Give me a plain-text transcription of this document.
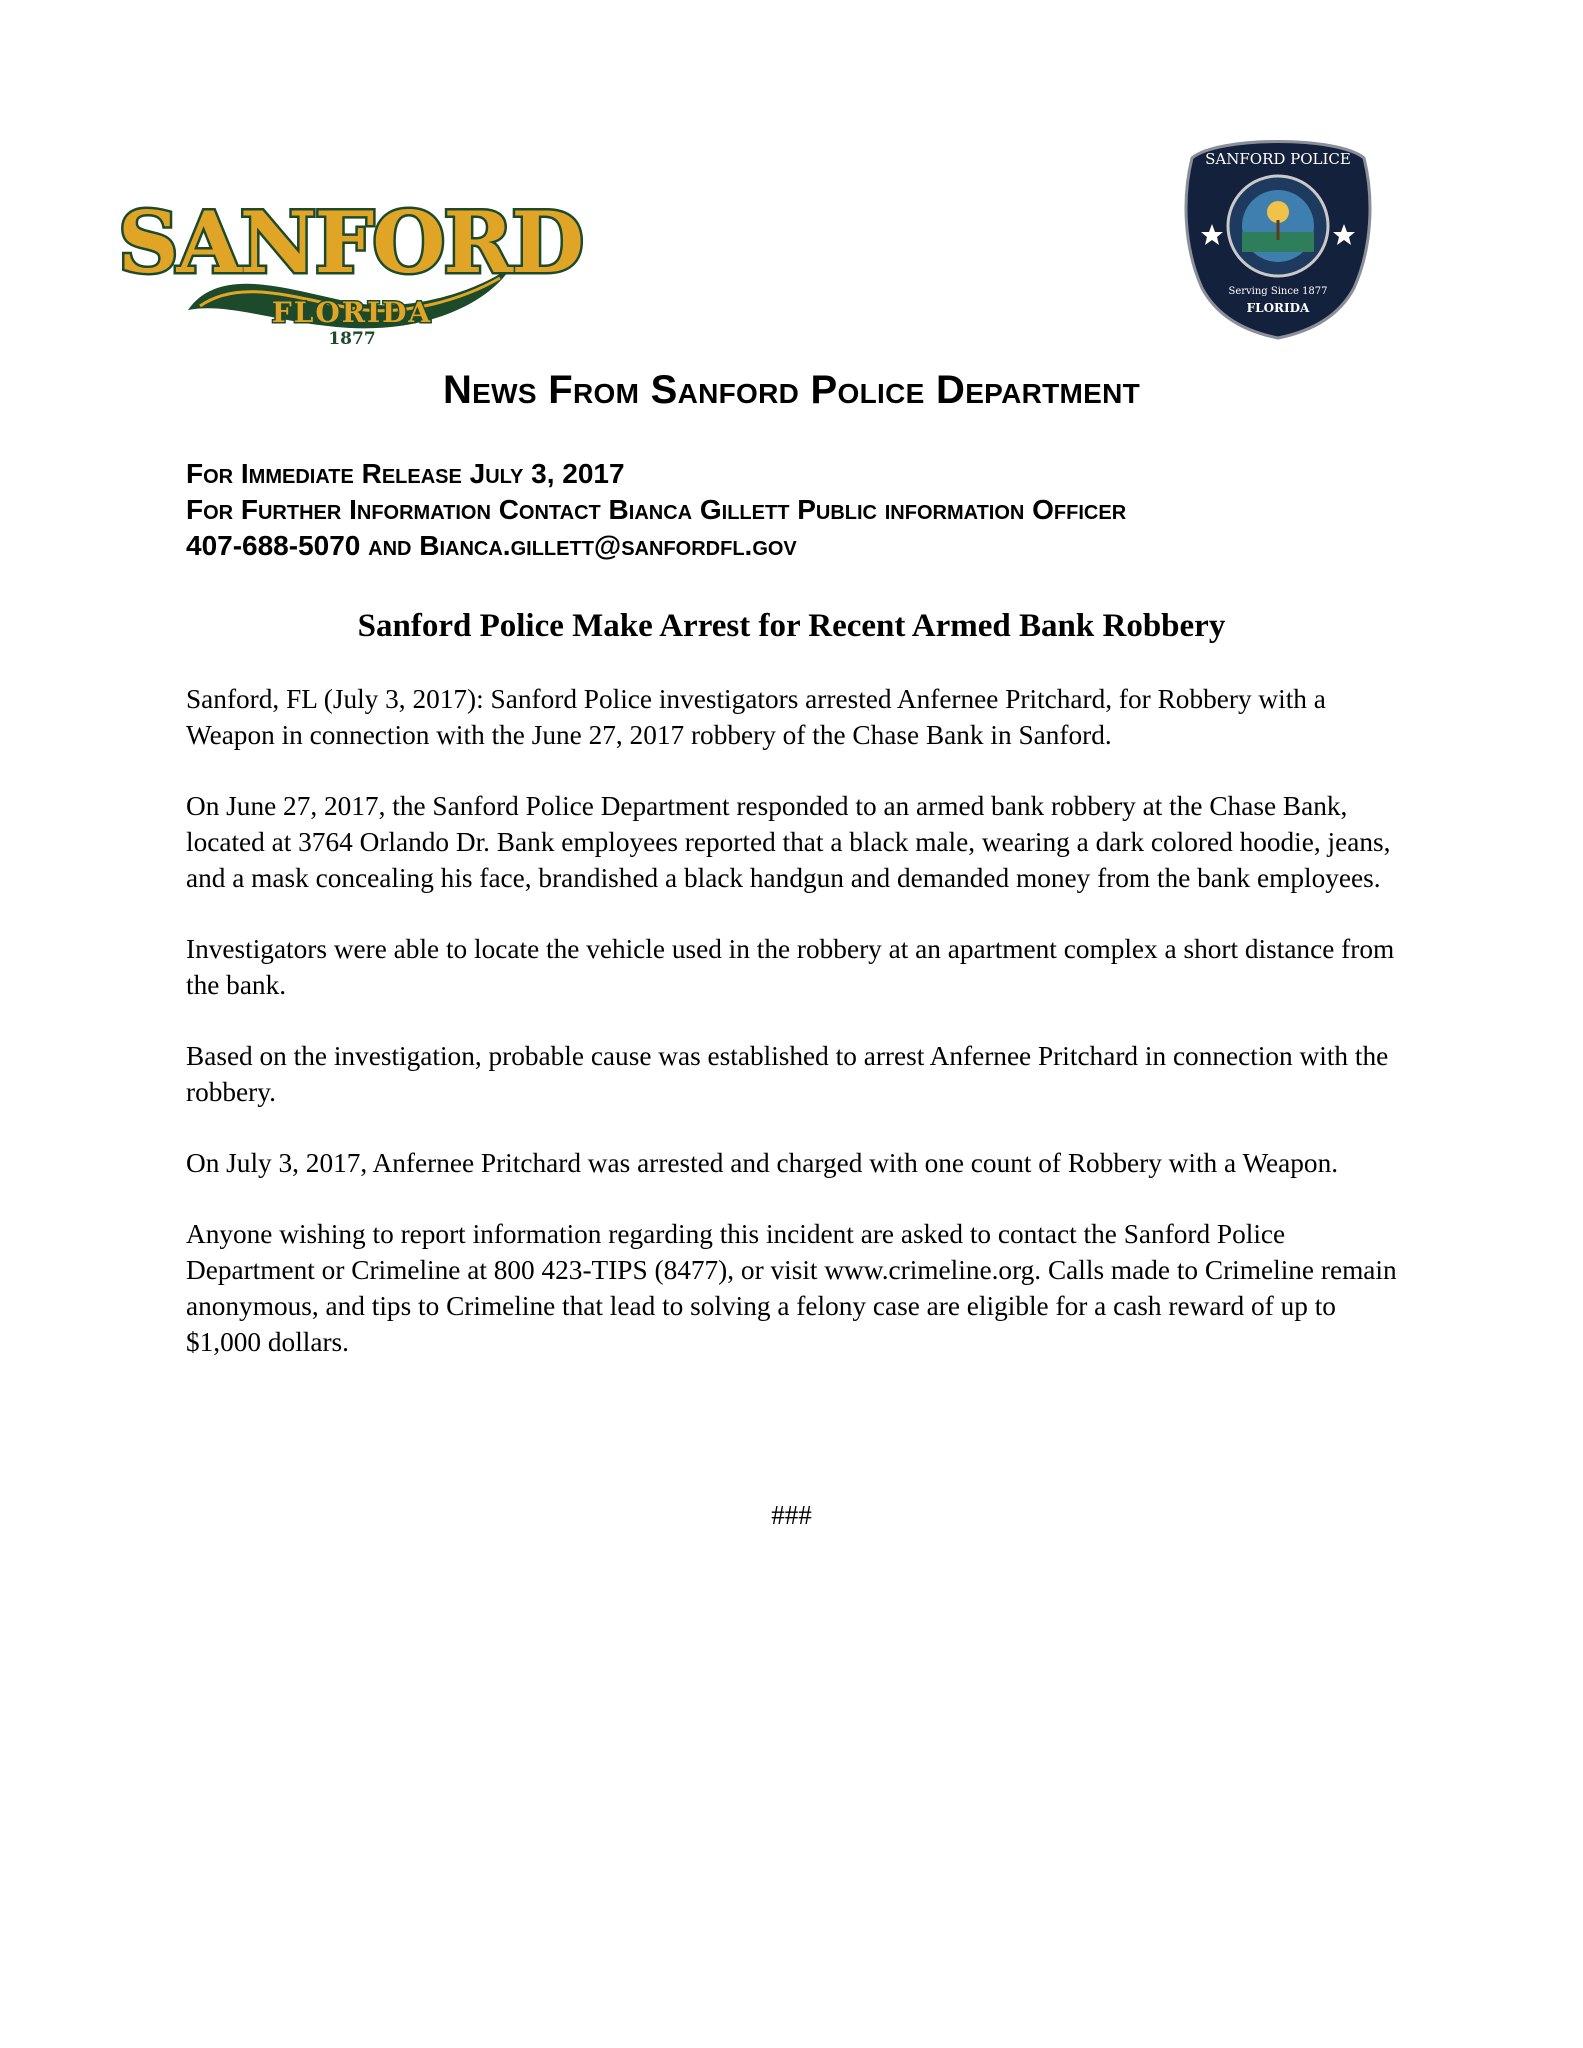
SANFORD
FLORIDA
1877
SANFORD POLICE
Serving Since 1877
FLORIDA
News From Sanford Police Department
For Immediate Release July 3, 2017
For Further Information Contact Bianca Gillett Public information Officer
407-688-5070 and Bianca.gillett@sanfordfl.gov
Sanford Police Make Arrest for Recent Armed Bank Robbery

Sanford, FL (July 3, 2017): Sanford Police investigators arrested Anfernee Pritchard, for Robbery with a Weapon in connection with the June 27, 2017 robbery of the Chase Bank in Sanford.

On June 27, 2017, the Sanford Police Department responded to an armed bank robbery at the Chase Bank, located at 3764 Orlando Dr. Bank employees reported that a black male, wearing a dark colored hoodie, jeans, and a mask concealing his face, brandished a black handgun and demanded money from the bank employees.

Investigators were able to locate the vehicle used in the robbery at an apartment complex a short distance from the bank.

Based on the investigation, probable cause was established to arrest Anfernee Pritchard in connection with the robbery.

On July 3, 2017, Anfernee Pritchard was arrested and charged with one count of Robbery with a Weapon.

Anyone wishing to report information regarding this incident are asked to contact the Sanford Police Department or Crimeline at 800 423-TIPS (8477), or visit www.crimeline.org. Calls made to Crimeline remain anonymous, and tips to Crimeline that lead to solving a felony case are eligible for a cash reward of up to $1,000 dollars.

###
